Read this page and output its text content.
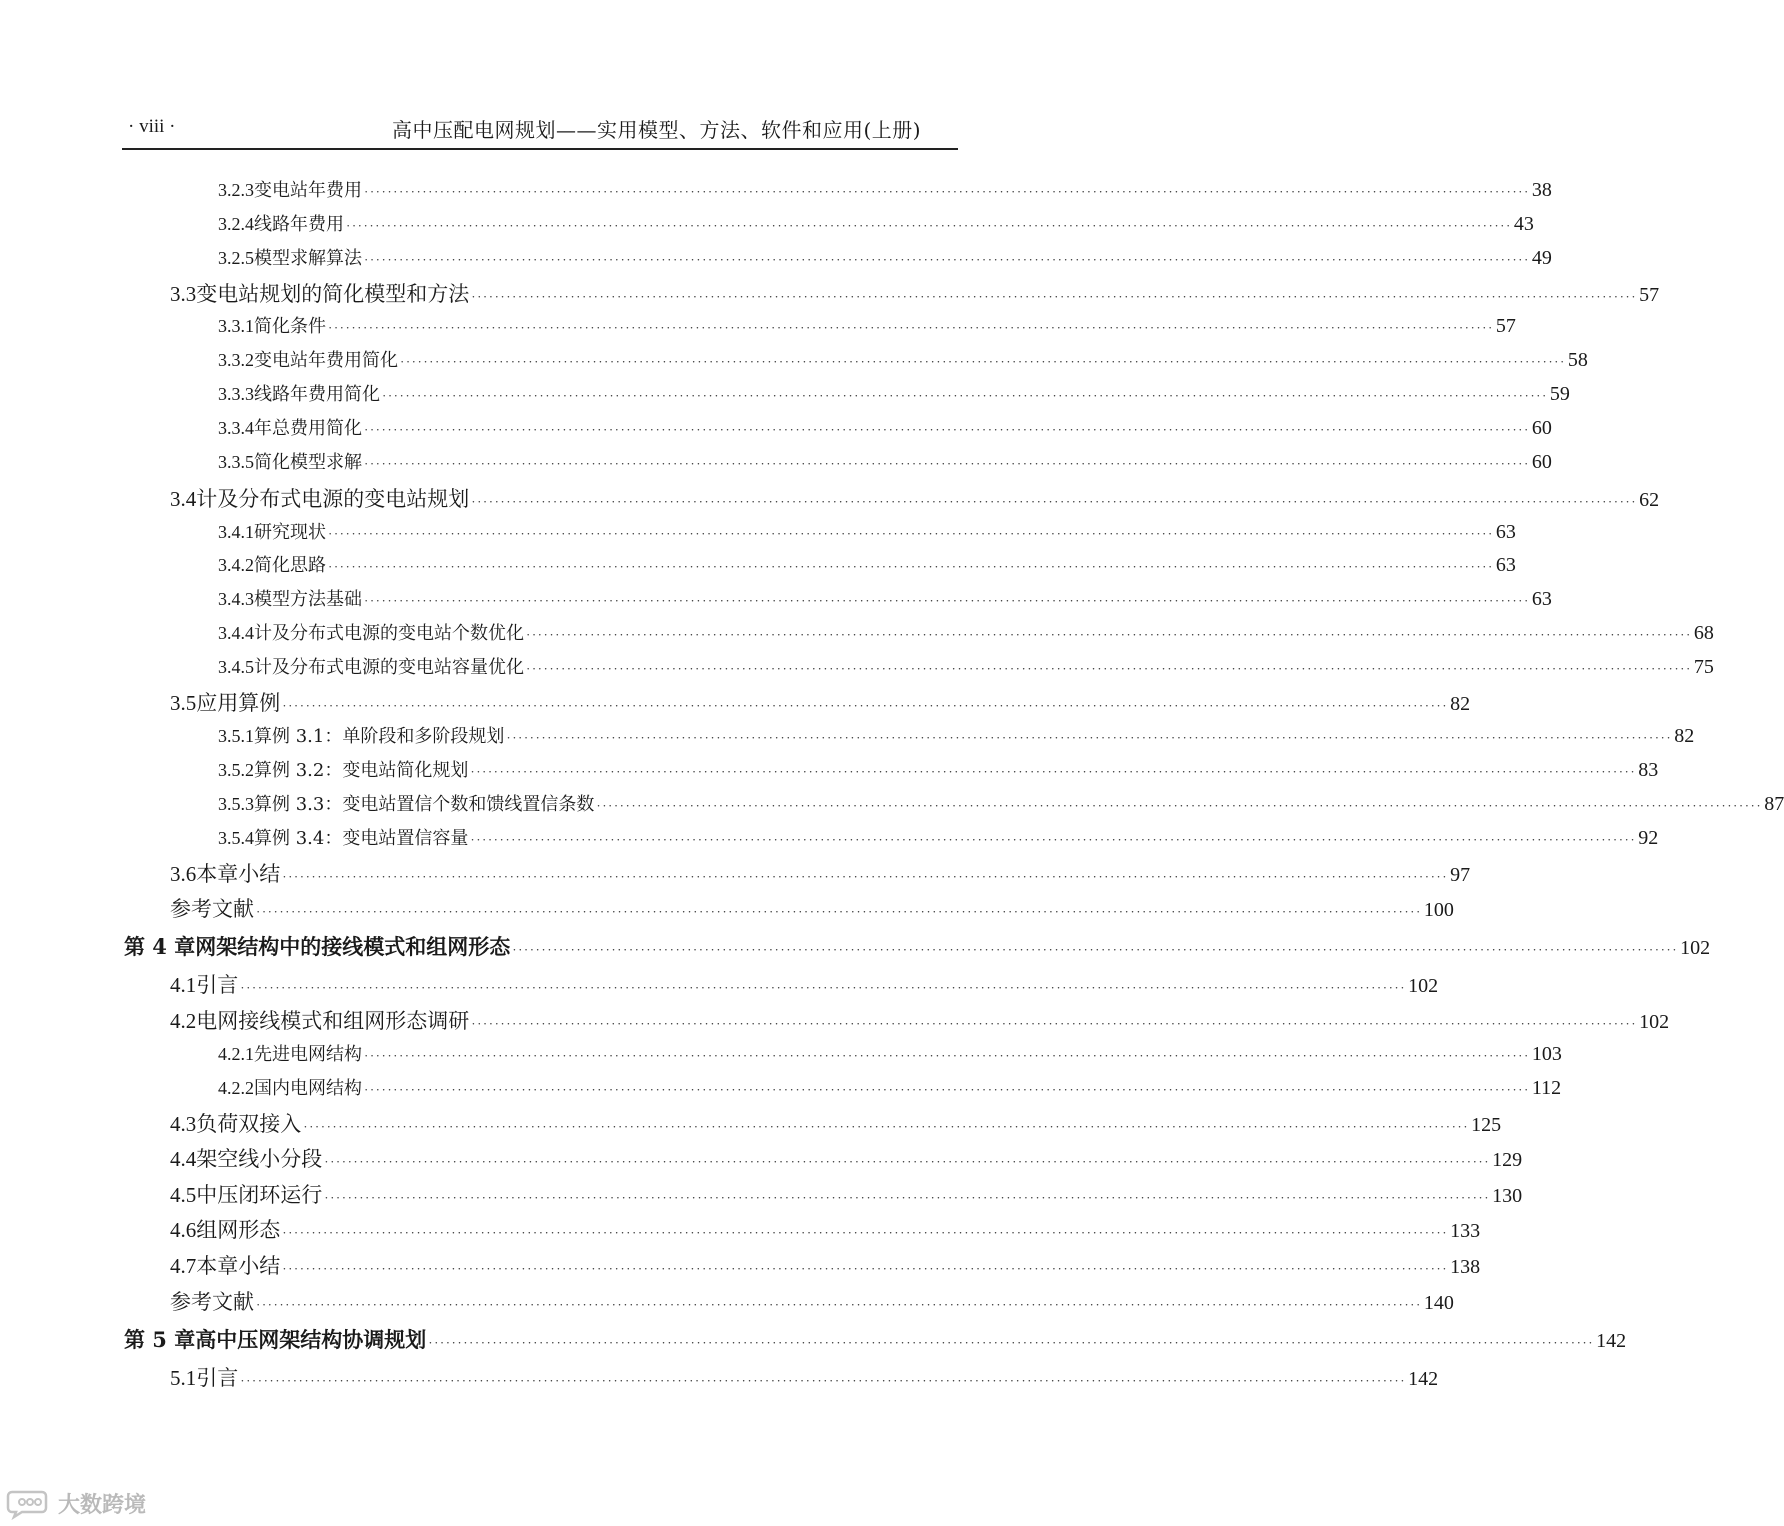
· viii ·	高中压配电网规划——实用模型、方法、软件和应用(上册)
3.2.3 变电站年费用 ········································································································································································································ 38
3.2.4 线路年费用 ········································································································································································································ 43
3.2.5 模型求解算法 ········································································································································································································ 49
3.3 变电站规划的简化模型和方法 ········································································································································································································ 57
3.3.1 简化条件 ········································································································································································································ 57
3.3.2 变电站年费用简化 ········································································································································································································ 58
3.3.3 线路年费用简化 ········································································································································································································ 59
3.3.4 年总费用简化 ········································································································································································································ 60
3.3.5 简化模型求解 ········································································································································································································ 60
3.4 计及分布式电源的变电站规划 ········································································································································································································ 62
3.4.1 研究现状 ········································································································································································································ 63
3.4.2 简化思路 ········································································································································································································ 63
3.4.3 模型方法基础 ········································································································································································································ 63
3.4.4 计及分布式电源的变电站个数优化 ········································································································································································································ 68
3.4.5 计及分布式电源的变电站容量优化 ········································································································································································································ 75
3.5 应用算例 ········································································································································································································ 82
3.5.1 算例 3.1：单阶段和多阶段规划 ········································································································································································································ 82
3.5.2 算例 3.2：变电站简化规划 ········································································································································································································ 83
3.5.3 算例 3.3：变电站置信个数和馈线置信条数 ········································································································································································································ 87
3.5.4 算例 3.4：变电站置信容量 ········································································································································································································ 92
3.6 本章小结 ········································································································································································································ 97
参考文献 ········································································································································································································ 100
第 4 章 网架结构中的接线模式和组网形态 ········································································································································································································ 102
4.1 引言 ········································································································································································································ 102
4.2 电网接线模式和组网形态调研 ········································································································································································································ 102
4.2.1 先进电网结构 ········································································································································································································ 103
4.2.2 国内电网结构 ········································································································································································································ 112
4.3 负荷双接入 ········································································································································································································ 125
4.4 架空线小分段 ········································································································································································································ 129
4.5 中压闭环运行 ········································································································································································································ 130
4.6 组网形态 ········································································································································································································ 133
4.7 本章小结 ········································································································································································································ 138
参考文献 ········································································································································································································ 140
第 5 章 高中压网架结构协调规划 ········································································································································································································ 142
5.1 引言 ········································································································································································································ 142
大数跨境
